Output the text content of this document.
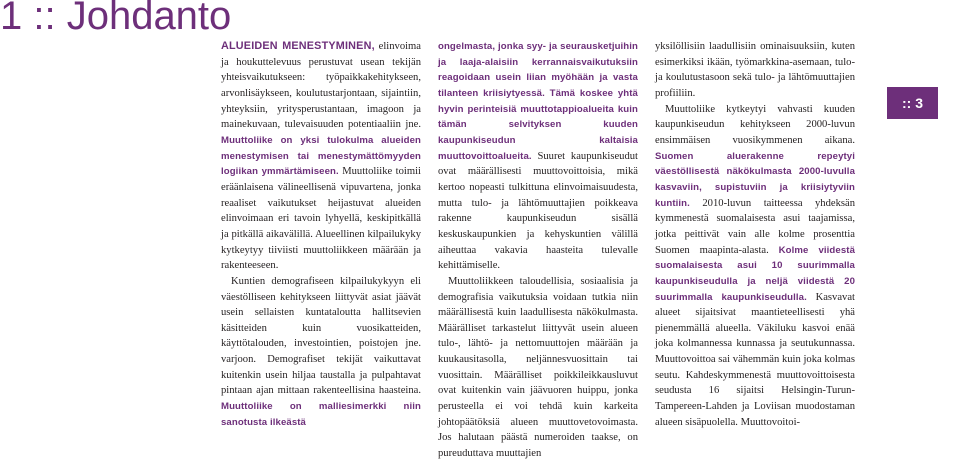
1 :: Johdanto

ALUEIDEN MENESTYMINEN, elinvoima ja houkuttelevuus perustuvat usean tekijän yhteisvaikutukseen: työpaikkakehitykseen, arvonlisäykseen, koulutustarjontaan, sijaintiin, yhteyksiin, yritysperustantaan, imagoon ja mainekuvaan, tulevaisuuden potentiaaliin jne. Muuttoliike on yksi tulokulma alueiden menestymisen tai menestymättömyyden logiikan ymmärtämiseen. Muuttoliike toimii eräänlaisena välineellisenä vipuvartena, jonka reaaliset vaikutukset heijastuvat alueiden elinvoimaan eri tavoin lyhyellä, keskipitkällä ja pitkällä aikavälillä. Alueellinen kilpailukyky kytkeytyy tiiviisti muuttoliikkeen määrään ja rakenteeseen.

Kuntien demografiseen kilpailukykyyn eli väestölliseen kehitykseen liittyvät asiat jäävät usein sellaisten kuntataloutta hallitsevien käsitteiden kuin vuosikatteiden, käyttötalouden, investointien, poistojen jne. varjoon. Demografiset tekijät vaikuttavat kuitenkin usein hiljaa taustalla ja pulpahtavat pintaan ajan mittaan rakenteellisina haasteina. Muuttoliike on malliesimerkki niin sanotusta ilkeästä

ongelmasta, jonka syy- ja seurausketjuihin ja laaja-alaisiin kerrannaisvaikutuksiin reagoidaan usein liian myöhään ja vasta tilanteen kriisiytyessä. Tämä koskee yhtä hyvin perinteisiä muuttotappioalueita kuin tämän selvityksen kuuden kaupunkiseudun kaltaisia muuttovoittoalueita. Suuret kaupunkiseudut ovat määrällisesti muuttovoittoisia, mikä kertoo nopeasti tulkittuna elinvoimaisuudesta, mutta tulo- ja lähtömuuttajien poikkeava rakenne kaupunkiseudun sisällä keskuskaupunkien ja kehyskuntien välillä aiheuttaa vakavia haasteita tulevalle kehittämiselle.

Muuttoliikkeen taloudellisia, sosiaalisia ja demografisia vaikutuksia voidaan tutkia niin määrällisestä kuin laadullisesta näkökulmasta. Määrälliset tarkastelut liittyvät usein alueen tulo-, lähtö- ja nettomuuttojen määrään ja kuukausitasolla, neljännesvuosittain tai vuosittain. Määrälliset poikkileikkausluvut ovat kuitenkin vain jäävuoren huippu, jonka perusteella ei voi tehdä kuin karkeita johtopäätöksiä alueen muuttovetovoimasta. Jos halutaan päästä numeroiden taakse, on pureuduttava muuttajien

yksilöllisiin laadullisiin ominaisuuksiin, kuten esimerkiksi ikään, työmarkkina-asemaan, tulo- ja koulutustasoon sekä tulo- ja lähtömuuttajien profiiliin.

Muuttoliike kytkeytyi vahvasti kuuden kaupunkiseudun kehitykseen 2000-luvun ensimmäisen vuosikymmenen aikana. Suomen aluerakenne repeytyi väestöllisestä näkökulmasta 2000-luvulla kasvaviin, supistuviin ja kriisiytyviin kuntiin. 2010-luvun taitteessa yhdeksän kymmenestä suomalaisesta asui taajamissa, jotka peittivät vain alle kolme prosenttia Suomen maapinta-alasta. Kolme viidestä suomalaisesta asui 10 suurimmalla kaupunkiseudulla ja neljä viidestä 20 suurimmalla kaupunkiseudulla. Kasvavat alueet sijaitsivat maantieteellisesti yhä pienemmällä alueella. Väkiluku kasvoi enää joka kolmannessa kunnassa ja seutukunnassa. Muuttovoittoa sai vähemmän kuin joka kolmas seutu. Kahdeskymmenestä muuttovoittoisesta seudusta 16 sijaitsi Helsingin-Turun-Tampereen-Lahden ja Loviisan muodostaman alueen sisäpuolella. Muuttovoitoi-

:: 3
